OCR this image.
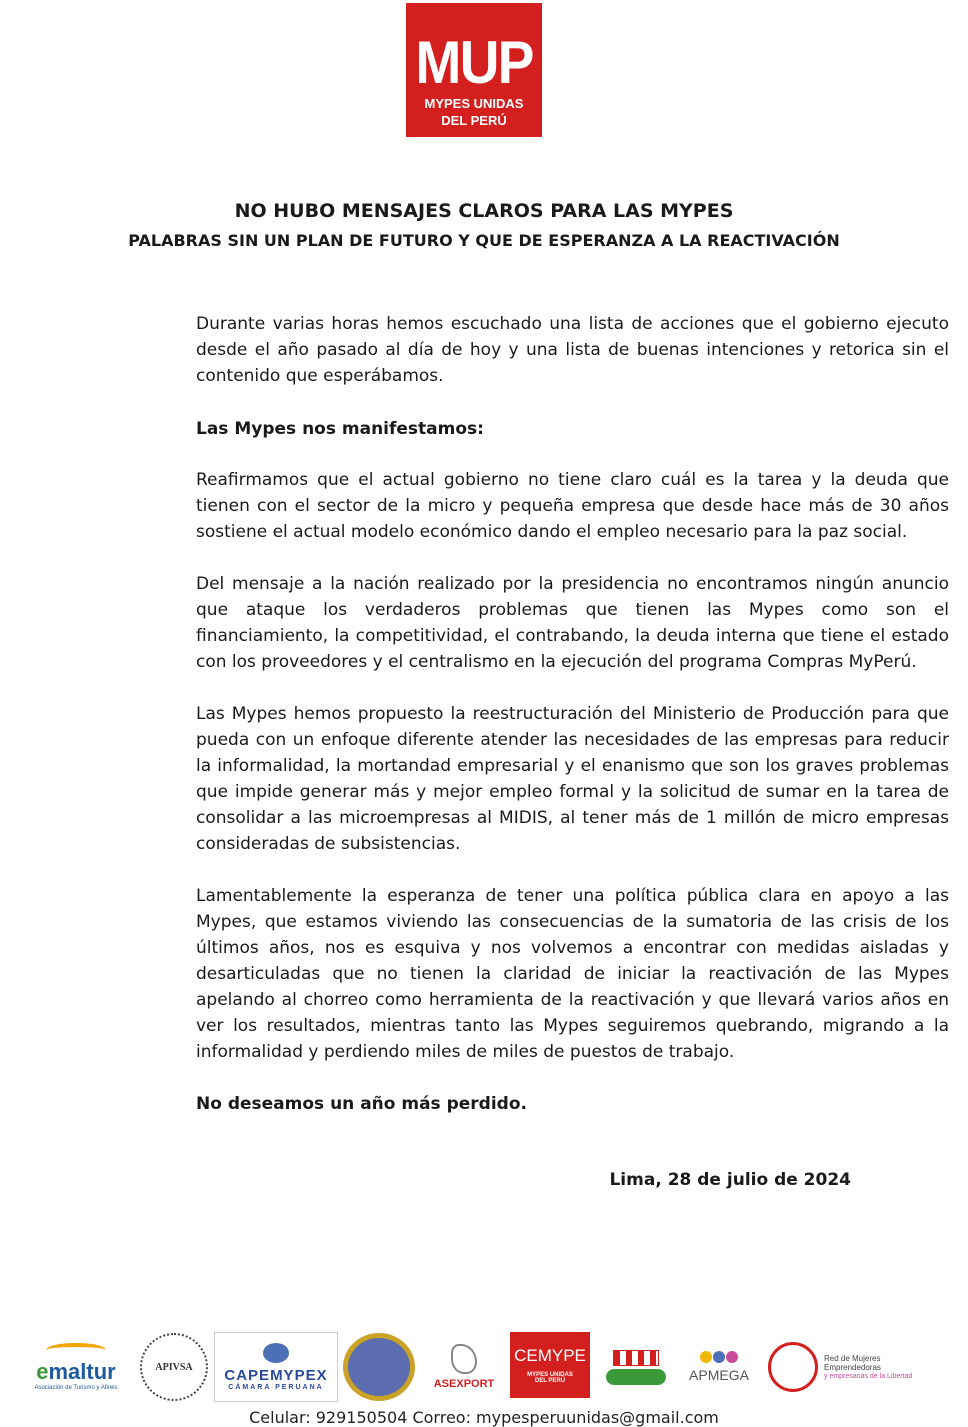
MUP
MYPES UNIDAS
DEL PERÚ
NO HUBO MENSAJES CLAROS PARA LAS MYPES
PALABRAS SIN UN PLAN DE FUTURO Y QUE DE ESPERANZA A LA REACTIVACIÓN

Durante varias horas hemos escuchado una lista de acciones que el gobierno ejecuto desde el año pasado al día de hoy y una lista de buenas intenciones y retorica sin el contenido que esperábamos.

Las Mypes nos manifestamos:

Reafirmamos que el actual gobierno no tiene claro cuál es la tarea y la deuda que tienen con el sector de la micro y pequeña empresa que desde hace más de 30 años sostiene el actual modelo económico dando el empleo necesario para la paz social.

Del mensaje a la nación realizado por la presidencia no encontramos ningún anuncio que ataque los verdaderos problemas que tienen las Mypes como son el financiamiento, la competitividad, el contrabando, la deuda interna que tiene el estado con los proveedores y el centralismo en la ejecución del programa Compras MyPerú.

Las Mypes hemos propuesto la reestructuración del Ministerio de Producción para que pueda con un enfoque diferente atender las necesidades de las empresas para reducir la informalidad, la mortandad empresarial y el enanismo que son los graves problemas que impide generar más y mejor empleo formal y la solicitud de sumar en la tarea de consolidar a las microempresas al MIDIS, al tener más de 1 millón de micro empresas consideradas de subsistencias.

Lamentablemente la esperanza de tener una política pública clara en apoyo a las Mypes, que estamos viviendo las consecuencias de la sumatoria de las crisis de los últimos años, nos es esquiva y nos volvemos a encontrar con medidas aisladas y desarticuladas que no tienen la claridad de iniciar la reactivación de las Mypes apelando al chorreo como herramienta de la reactivación y que llevará varios años en ver los resultados, mientras tanto las Mypes seguiremos quebrando, migrando a la informalidad y perdiendo miles de miles de puestos de trabajo.

No deseamos un año más perdido.

Lima, 28 de julio de 2024
emaltur
Asociación de Turismo y Afines
APIVSA	CAPEMYPEX
CÁMARA PERUANA	ASEXPORT
CEMYPE
MYPES UNIDAS DEL PERÚ	APMEGA
Red de Mujeres Emprendedoras
y empresarias de la Libertad
Celular: 929150504 Correo: mypesperuunidas@gmail.com
